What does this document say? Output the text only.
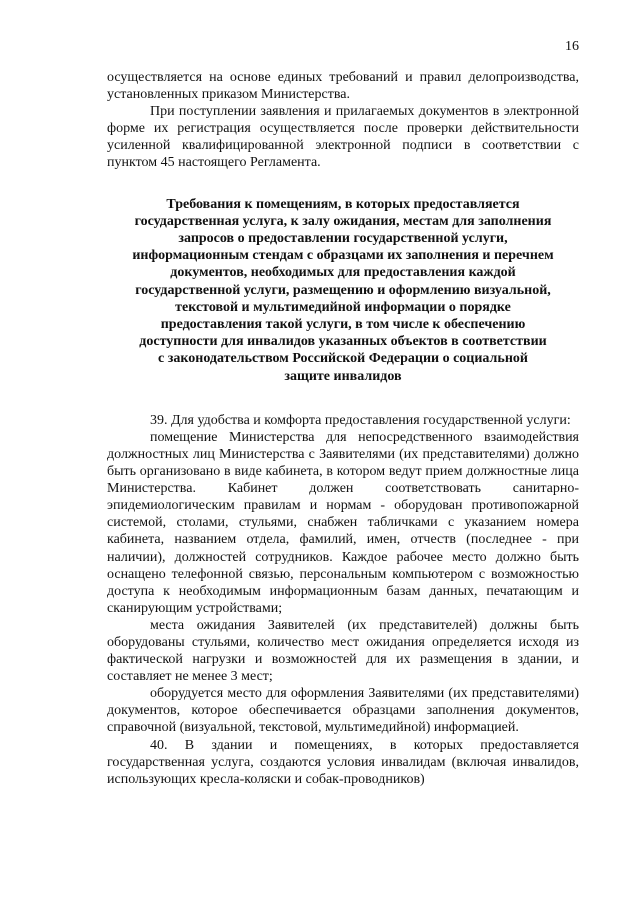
16

осуществляется на основе единых требований и правил делопроизводства, установленных приказом Министерства.

При поступлении заявления и прилагаемых документов в электронной форме их регистрация осуществляется после проверки действительности усиленной квалифицированной электронной подписи в соответствии с пунктом 45 настоящего Регламента.

Требования к помещениям, в которых предоставляется
государственная услуга, к залу ожидания, местам для заполнения
запросов о предоставлении государственной услуги,
информационным стендам с образцами их заполнения и перечнем
документов, необходимых для предоставления каждой
государственной услуги, размещению и оформлению визуальной,
текстовой и мультимедийной информации о порядке
предоставления такой услуги, в том числе к обеспечению
доступности для инвалидов указанных объектов в соответствии
с законодательством Российской Федерации о социальной
защите инвалидов

39. Для удобства и комфорта предоставления государственной услуги:

помещение Министерства для непосредственного взаимодействия должностных лиц Министерства с Заявителями (их представителями) должно быть организовано в виде кабинета, в котором ведут прием должностные лица Министерства. Кабинет должен соответствовать санитарно-эпидемиологическим правилам и нормам - оборудован противопожарной системой, столами, стульями, снабжен табличками с указанием номера кабинета, названием отдела, фамилий, имен, отчеств (последнее - при наличии), должностей сотрудников. Каждое рабочее место должно быть оснащено телефонной связью, персональным компьютером с возможностью доступа к необходимым информационным базам данных, печатающим и сканирующим устройствами;

места ожидания Заявителей (их представителей) должны быть оборудованы стульями, количество мест ожидания определяется исходя из фактической нагрузки и возможностей для их размещения в здании, и составляет не менее 3 мест;

оборудуется место для оформления Заявителями (их представителями) документов, которое обеспечивается образцами заполнения документов, справочной (визуальной, текстовой, мультимедийной) информацией.

40. В здании и помещениях, в которых предоставляется государственная услуга, создаются условия инвалидам (включая инвалидов, использующих кресла-коляски и собак-проводников)
